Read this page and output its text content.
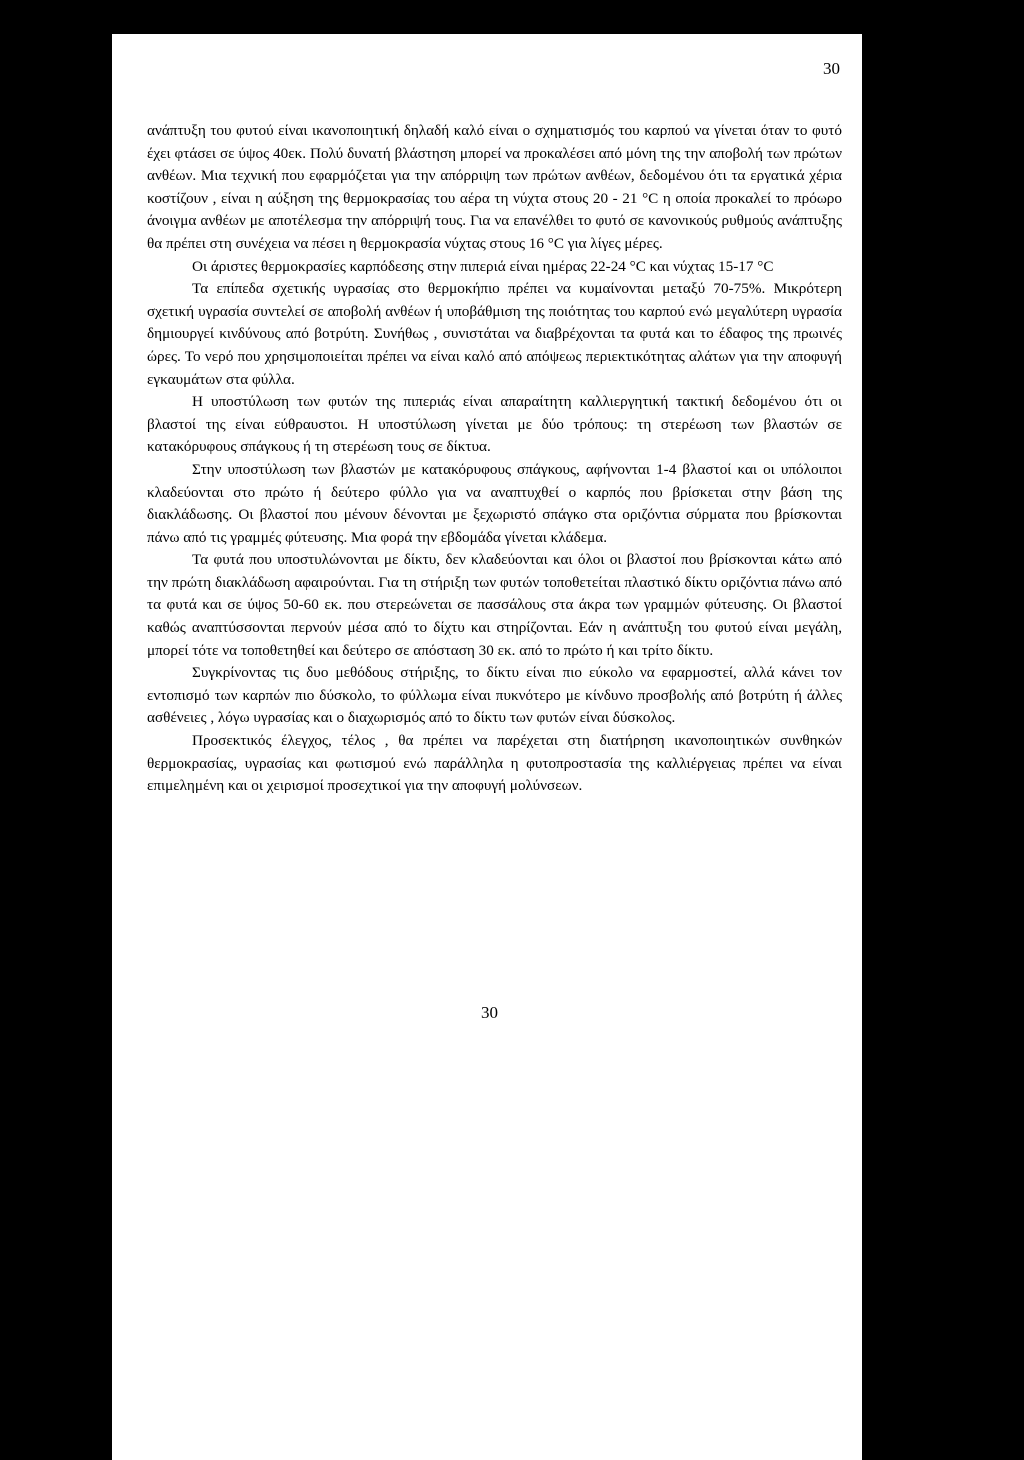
30

ανάπτυξη του φυτού είναι ικανοποιητική δηλαδή καλό είναι ο σχηματισμός του καρπού να γίνεται όταν το φυτό έχει φτάσει σε ύψος 40εκ. Πολύ δυνατή βλάστηση μπορεί να προκαλέσει από μόνη της την αποβολή των πρώτων ανθέων. Μια τεχνική που εφαρμόζεται για την απόρριψη των πρώτων ανθέων, δεδομένου ότι τα εργατικά χέρια κοστίζουν , είναι η αύξηση της θερμοκρασίας του αέρα τη νύχτα στους 20 - 21 °C η οποία προκαλεί το πρόωρο άνοιγμα ανθέων με αποτέλεσμα την απόρριψή τους. Για να επανέλθει το φυτό σε κανονικούς ρυθμούς ανάπτυξης θα πρέπει στη συνέχεια να πέσει η θερμοκρασία νύχτας στους 16 °C για λίγες μέρες.

Οι άριστες θερμοκρασίες καρπόδεσης στην πιπεριά είναι ημέρας 22-24 °C και νύχτας 15-17 °C

Τα επίπεδα σχετικής υγρασίας στο θερμοκήπιο πρέπει να κυμαίνονται μεταξύ 70-75%. Μικρότερη σχετική υγρασία συντελεί σε αποβολή ανθέων ή υποβάθμιση της ποιότητας του καρπού ενώ μεγαλύτερη υγρασία δημιουργεί κινδύνους από βοτρύτη. Συνήθως , συνιστάται να διαβρέχονται τα φυτά και το έδαφος της πρωινές ώρες. Το νερό που χρησιμοποιείται πρέπει να είναι καλό από απόψεως περιεκτικότητας αλάτων για την αποφυγή εγκαυμάτων στα φύλλα.

Η υποστύλωση των φυτών της πιπεριάς είναι απαραίτητη καλλιεργητική τακτική δεδομένου ότι οι βλαστοί της είναι εύθραυστοι. Η υποστύλωση γίνεται με δύο τρόπους: τη στερέωση των βλαστών σε κατακόρυφους σπάγκους ή τη στερέωση τους σε δίκτυα.

Στην υποστύλωση των βλαστών με κατακόρυφους σπάγκους, αφήνονται 1-4 βλαστοί και οι υπόλοιποι κλαδεύονται στο πρώτο ή δεύτερο φύλλο για να αναπτυχθεί ο καρπός που βρίσκεται στην βάση της διακλάδωσης. Οι βλαστοί που μένουν δένονται με ξεχωριστό σπάγκο στα οριζόντια σύρματα που βρίσκονται πάνω από τις γραμμές φύτευσης. Μια φορά την εβδομάδα γίνεται κλάδεμα.

Τα φυτά που υποστυλώνονται με δίκτυ, δεν κλαδεύονται και όλοι οι βλαστοί που βρίσκονται κάτω από την πρώτη διακλάδωση αφαιρούνται. Για τη στήριξη των φυτών τοποθετείται πλαστικό δίκτυ οριζόντια πάνω από τα φυτά και σε ύψος 50-60 εκ. που στερεώνεται σε πασσάλους στα άκρα των γραμμών φύτευσης. Οι βλαστοί καθώς αναπτύσσονται περνούν μέσα από το δίχτυ και στηρίζονται. Εάν η ανάπτυξη του φυτού είναι μεγάλη, μπορεί τότε να τοποθετηθεί και δεύτερο σε απόσταση 30 εκ. από το πρώτο ή και τρίτο δίκτυ.

Συγκρίνοντας τις δυο μεθόδους στήριξης, το δίκτυ είναι πιο εύκολο να εφαρμοστεί, αλλά κάνει τον εντοπισμό των καρπών πιο δύσκολο, το φύλλωμα είναι πυκνότερο με κίνδυνο προσβολής από βοτρύτη ή άλλες ασθένειες , λόγω υγρασίας και ο διαχωρισμός από το δίκτυ των φυτών είναι δύσκολος.

Προσεκτικός έλεγχος, τέλος , θα πρέπει να παρέχεται στη διατήρηση ικανοποιητικών συνθηκών θερμοκρασίας, υγρασίας και φωτισμού ενώ παράλληλα η φυτοπροστασία της καλλιέργειας πρέπει να είναι επιμελημένη και οι χειρισμοί προσεχτικοί για την αποφυγή μολύνσεων.

30
